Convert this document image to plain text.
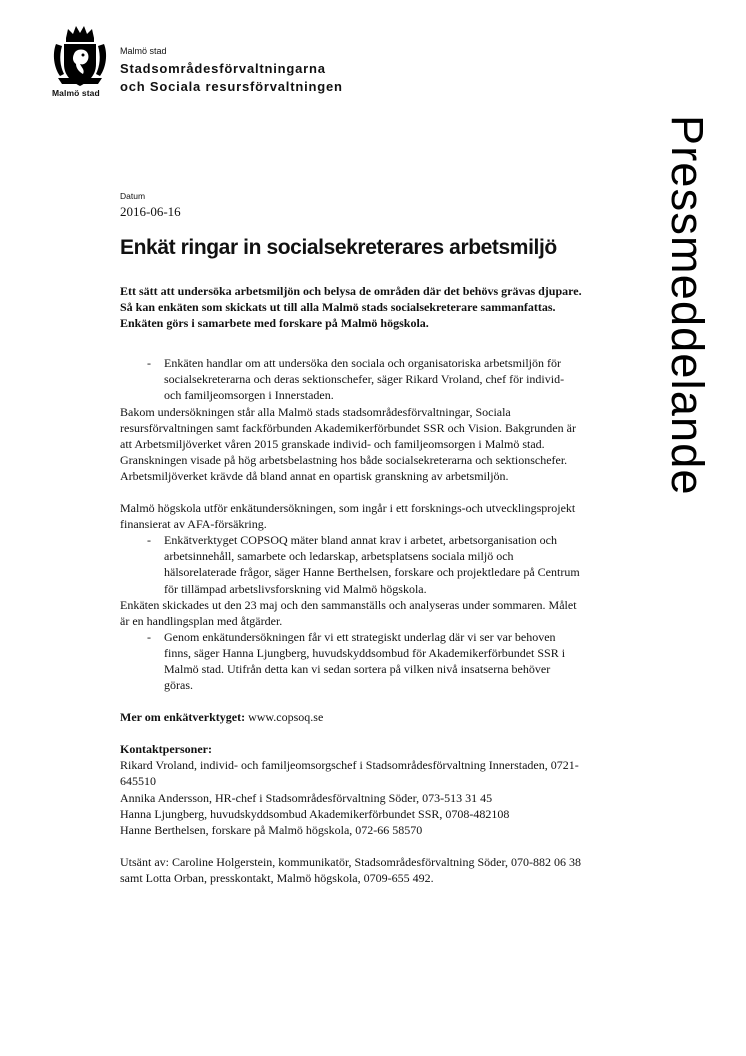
Malmö stad
Malmö stad
Stadsområdesförvaltningarna
och Sociala resursförvaltningen
Pressmeddelande
Datum
2016-06-16
Enkät ringar in socialsekreterares arbetsmiljö

Ett sätt att undersöka arbetsmiljön och belysa de områden där det behövs grävas djupare. Så kan enkäten som skickats ut till alla Malmö stads socialsekreterare sammanfattas. Enkäten görs i samarbete med forskare på Malmö högskola.

- Enkäten handlar om att undersöka den sociala och organisatoriska arbetsmiljön för socialsekreterarna och deras sektionschefer, säger Rikard Vroland, chef för individ- och familjeomsorgen i Innerstaden.

Bakom undersökningen står alla Malmö stads stadsområdesförvaltningar, Sociala resursförvaltningen samt fackförbunden Akademikerförbundet SSR och Vision. Bakgrunden är att Arbetsmiljöverket våren 2015 granskade individ- och familjeomsorgen i Malmö stad. Granskningen visade på hög arbetsbelastning hos både socialsekreterarna och sektionschefer. Arbetsmiljöverket krävde då bland annat en opartisk granskning av arbetsmiljön.

Malmö högskola utför enkätundersökningen, som ingår i ett forsknings-och utvecklingsprojekt finansierat av AFA-försäkring.

- Enkätverktyget COPSOQ mäter bland annat krav i arbetet, arbetsorganisation och arbetsinnehåll, samarbete och ledarskap, arbetsplatsens sociala miljö och hälsorelaterade frågor, säger Hanne Berthelsen, forskare och projektledare på Centrum för tillämpad arbetslivsforskning vid Malmö högskola.

Enkäten skickades ut den 23 maj och den sammanställs och analyseras under sommaren. Målet är en handlingsplan med åtgärder.

- Genom enkätundersökningen får vi ett strategiskt underlag där vi ser var behoven finns, säger Hanna Ljungberg, huvudskyddsombud för Akademikerförbundet SSR i Malmö stad. Utifrån detta kan vi sedan sortera på vilken nivå insatserna behöver göras.

Mer om enkätverktyget: www.copsoq.se

Kontaktpersoner:

Rikard Vroland, individ- och familjeomsorgschef i Stadsområdesförvaltning Innerstaden, 0721-645510

Annika Andersson, HR-chef i Stadsområdesförvaltning Söder, 073-513 31 45

Hanna Ljungberg, huvudskyddsombud Akademikerförbundet SSR, 0708-482108

Hanne Berthelsen, forskare på Malmö högskola, 072-66 58570

Utsänt av: Caroline Holgerstein, kommunikatör, Stadsområdesförvaltning Söder, 070-882 06 38 samt Lotta Orban, presskontakt, Malmö högskola, 0709-655 492.
